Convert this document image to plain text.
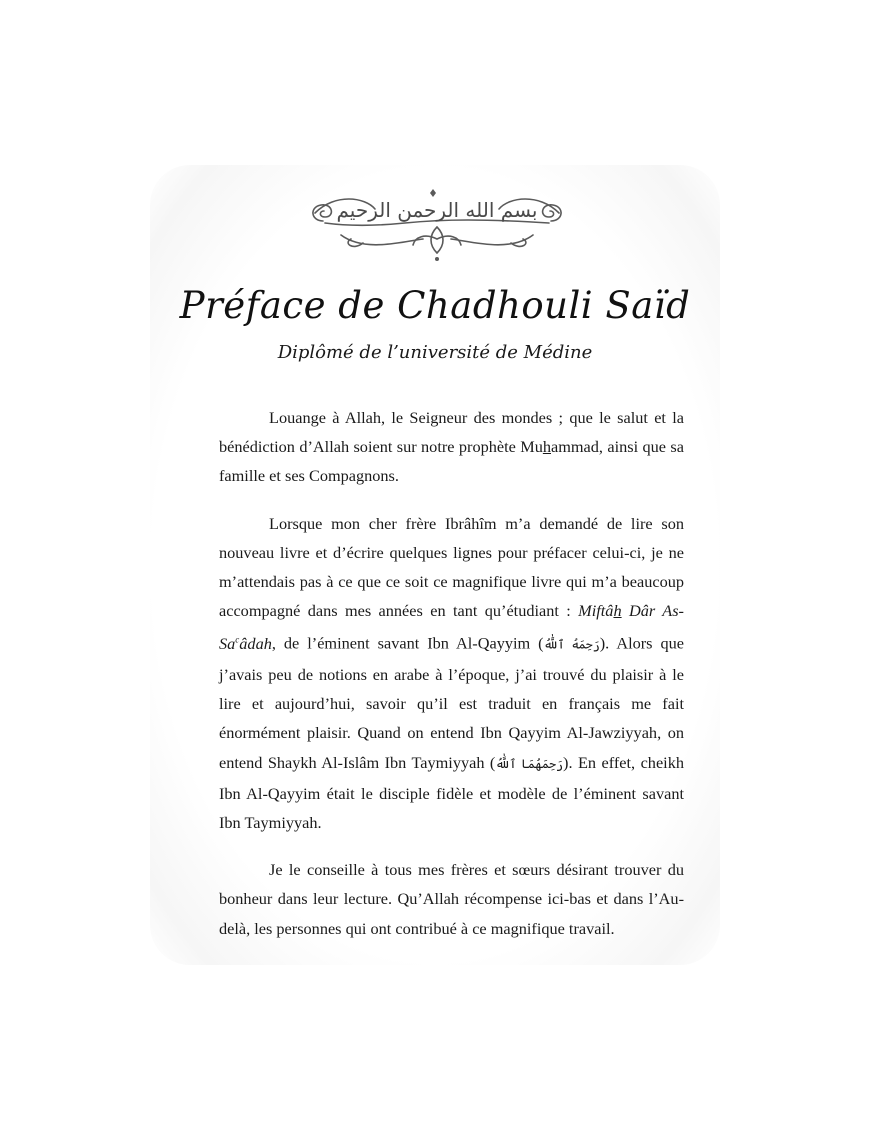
بسم الله الرحمن الرحيم
Préface de Chadhouli Saïd
Diplômé de l’université de Médine

Louange à Allah, le Seigneur des mondes ; que le salut et la bénédiction d’Allah soient sur notre prophète Muhammad, ainsi que sa famille et ses Compagnons.

Lorsque mon cher frère Ibrâhîm m’a demandé de lire son nouveau livre et d’écrire quelques lignes pour préfacer celui-ci, je ne m’attendais pas à ce que ce soit ce magnifique livre qui m’a beaucoup accompagné dans mes années en tant qu’étudiant : Miftâh Dâr As-Sa$^c$âdah, de l’éminent savant Ibn Al-Qayyim (رَحِمَهُ ٱللَّٰهُ). Alors que j’avais peu de notions en arabe à l’époque, j’ai trouvé du plaisir à le lire et aujourd’hui, savoir qu’il est traduit en français me fait énormément plaisir. Quand on entend Ibn Qayyim Al-Jawziyyah, on entend Shaykh Al-Islâm Ibn Taymiyyah (رَحِمَهُمَا ٱللَّٰهُ). En effet, cheikh Ibn Al-Qayyim était le disciple fidèle et modèle de l’éminent savant Ibn Taymiyyah.

Je le conseille à tous mes frères et sœurs désirant trouver du bonheur dans leur lecture. Qu’Allah récompense ici-bas et dans l’Au-delà, les personnes qui ont contribué à ce magnifique travail.
